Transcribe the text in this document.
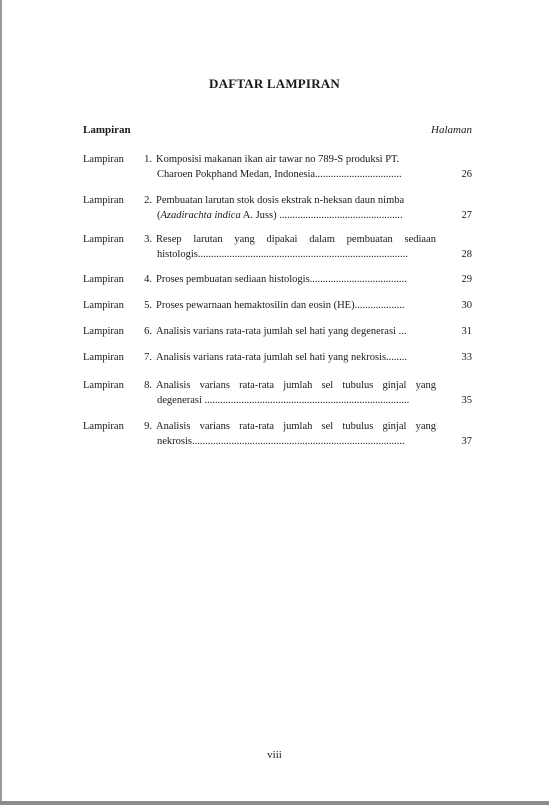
DAFTAR LAMPIRAN
Lampiran	Halaman
Lampiran	1. Komposisi makanan ikan air tawar no 789-S produksi PT.
Charoen Pokphand Medan, Indonesia.................................	26
Lampiran	2. Pembuatan larutan stok dosis ekstrak n-heksan daun nimba
(Azadirachta indica A. Juss) ...............................................	27
Lampiran	3. Resep larutan yang dipakai dalam pembuatan sediaan
histologis................................................................................	28
Lampiran	4. Proses pembuatan sediaan histologis.....................................	29
Lampiran	5. Proses pewarnaan hemaktosilin dan eosin (HE)...................	30
Lampiran	6. Analisis varians rata-rata jumlah sel hati yang degenerasi ...	31
Lampiran	7. Analisis varians rata-rata jumlah sel hati yang nekrosis........	33
Lampiran	8. Analisis varians rata-rata jumlah sel tubulus ginjal yang
degenerasi ..............................................................................	35
Lampiran	9. Analisis varians rata-rata jumlah sel tubulus ginjal yang
nekrosis.................................................................................	37
viii
